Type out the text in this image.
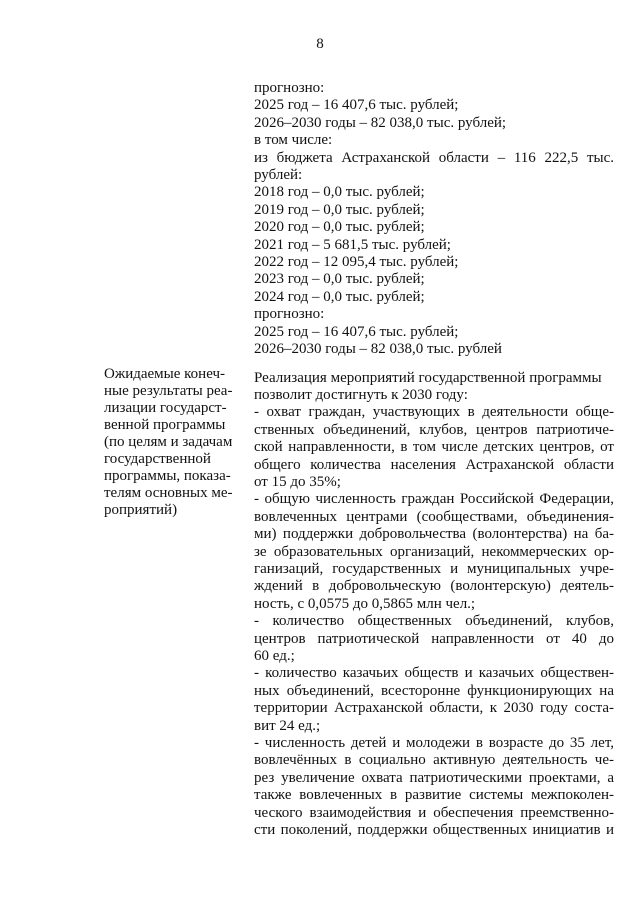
8
прогнозно:
2025 год – 16 407,6 тыс. рублей;
2026–2030 годы – 82 038,0 тыс. рублей;
в том числе:
из бюджета Астраханской области – 116 222,5 тыс.
рублей:
2018 год – 0,0 тыс. рублей;
2019 год – 0,0 тыс. рублей;
2020 год – 0,0 тыс. рублей;
2021 год – 5 681,5 тыс. рублей;
2022 год – 12 095,4 тыс. рублей;
2023 год – 0,0 тыс. рублей;
2024 год – 0,0 тыс. рублей;
прогнозно:
2025 год – 16 407,6 тыс. рублей;
2026–2030 годы – 82 038,0 тыс. рублей
Реализация мероприятий государственной программы
позволит достигнуть к 2030 году:
- охват граждан, участвующих в деятельности обще-
ственных объединений, клубов, центров патриотиче-
ской направленности, в том числе детских центров, от
общего количества населения Астраханской области
от 15 до 35%;
- общую численность граждан Российской Федерации,
вовлеченных центрами (сообществами, объединения-
ми) поддержки добровольчества (волонтерства) на ба-
зе образовательных организаций, некоммерческих ор-
ганизаций, государственных и муниципальных учре-
ждений в добровольческую (волонтерскую) деятель-
ность, с 0,0575 до 0,5865 млн чел.;
- количество общественных объединений, клубов,
центров патриотической направленности от 40 до
60 ед.;
- количество казачьих обществ и казачьих обществен-
ных объединений, всесторонне функционирующих на
территории Астраханской области, к 2030 году соста-
вит 24 ед.;
- численность детей и молодежи в возрасте до 35 лет,
вовлечённых в социально активную деятельность че-
рез увеличение охвата патриотическими проектами, а
также вовлеченных в развитие системы межпоколен-
ческого взаимодействия и обеспечения преемственно-
сти поколений, поддержки общественных инициатив и
Ожидаемые конеч-
ные результаты реа-
лизации государст-
венной программы
(по целям и задачам
государственной
программы, показа-
телям основных ме-
роприятий)
